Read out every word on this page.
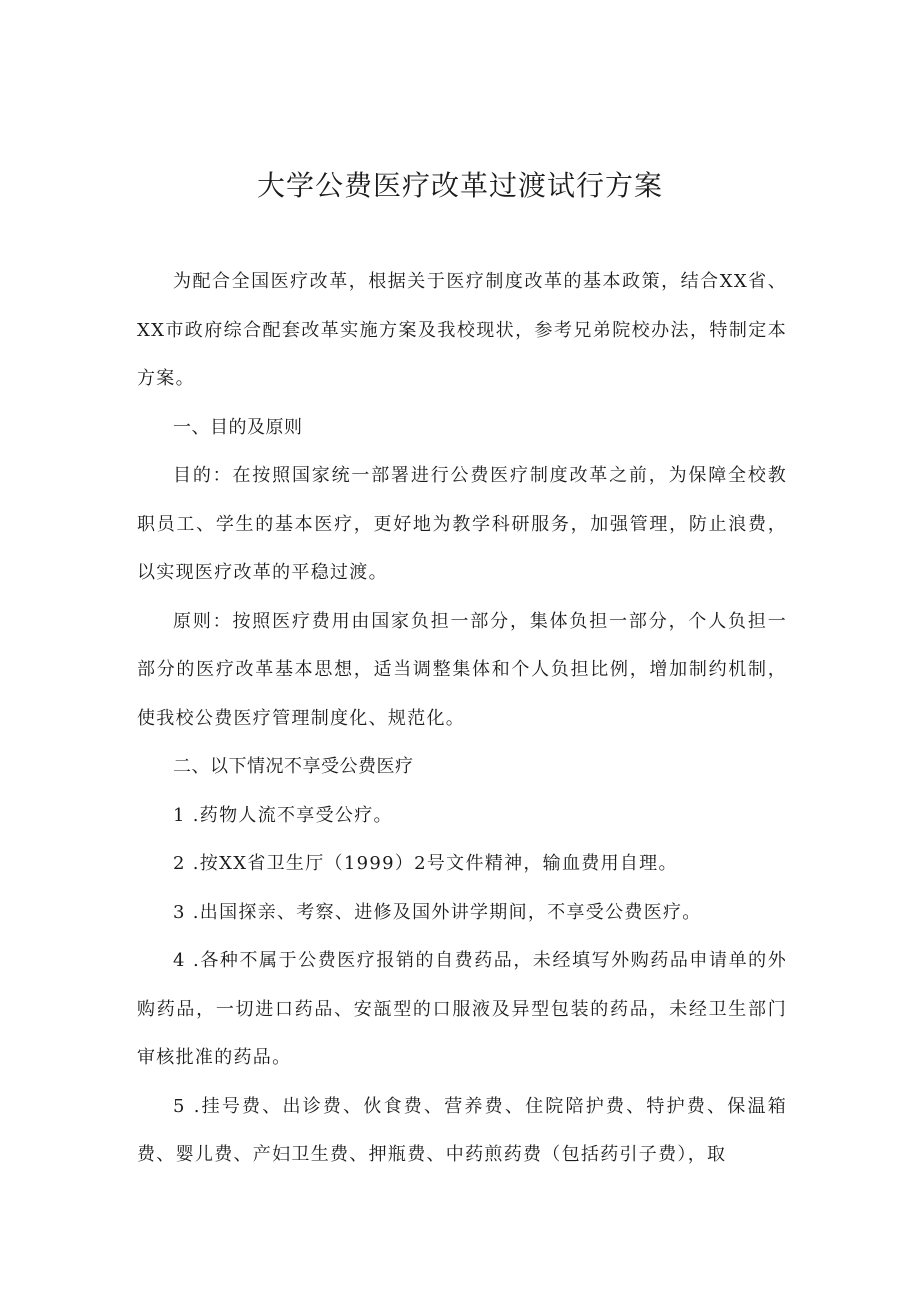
大学公费医疗改革过渡试行方案

为配合全国医疗改革，根据关于医疗制度改革的基本政策，结合XX省、XX市政府综合配套改革实施方案及我校现状，参考兄弟院校办法，特制定本方案。

一、目的及原则

目的：在按照国家统一部署进行公费医疗制度改革之前，为保障全校教职员工、学生的基本医疗，更好地为教学科研服务，加强管理，防止浪费，以实现医疗改革的平稳过渡。

原则：按照医疗费用由国家负担一部分，集体负担一部分，个人负担一部分的医疗改革基本思想，适当调整集体和个人负担比例，增加制约机制，使我校公费医疗管理制度化、规范化。

二、以下情况不享受公费医疗

1 .药物人流不享受公疗。

2 .按XX省卫生厅（1999）2号文件精神，输血费用自理。

3 .出国探亲、考察、进修及国外讲学期间，不享受公费医疗。

4 .各种不属于公费医疗报销的自费药品，未经填写外购药品申请单的外购药品，一切进口药品、安瓿型的口服液及异型包装的药品，未经卫生部门审核批准的药品。

5 .挂号费、出诊费、伙食费、营养费、住院陪护费、特护费、保温箱费、婴儿费、产妇卫生费、押瓶费、中药煎药费（包括药引子费），取
